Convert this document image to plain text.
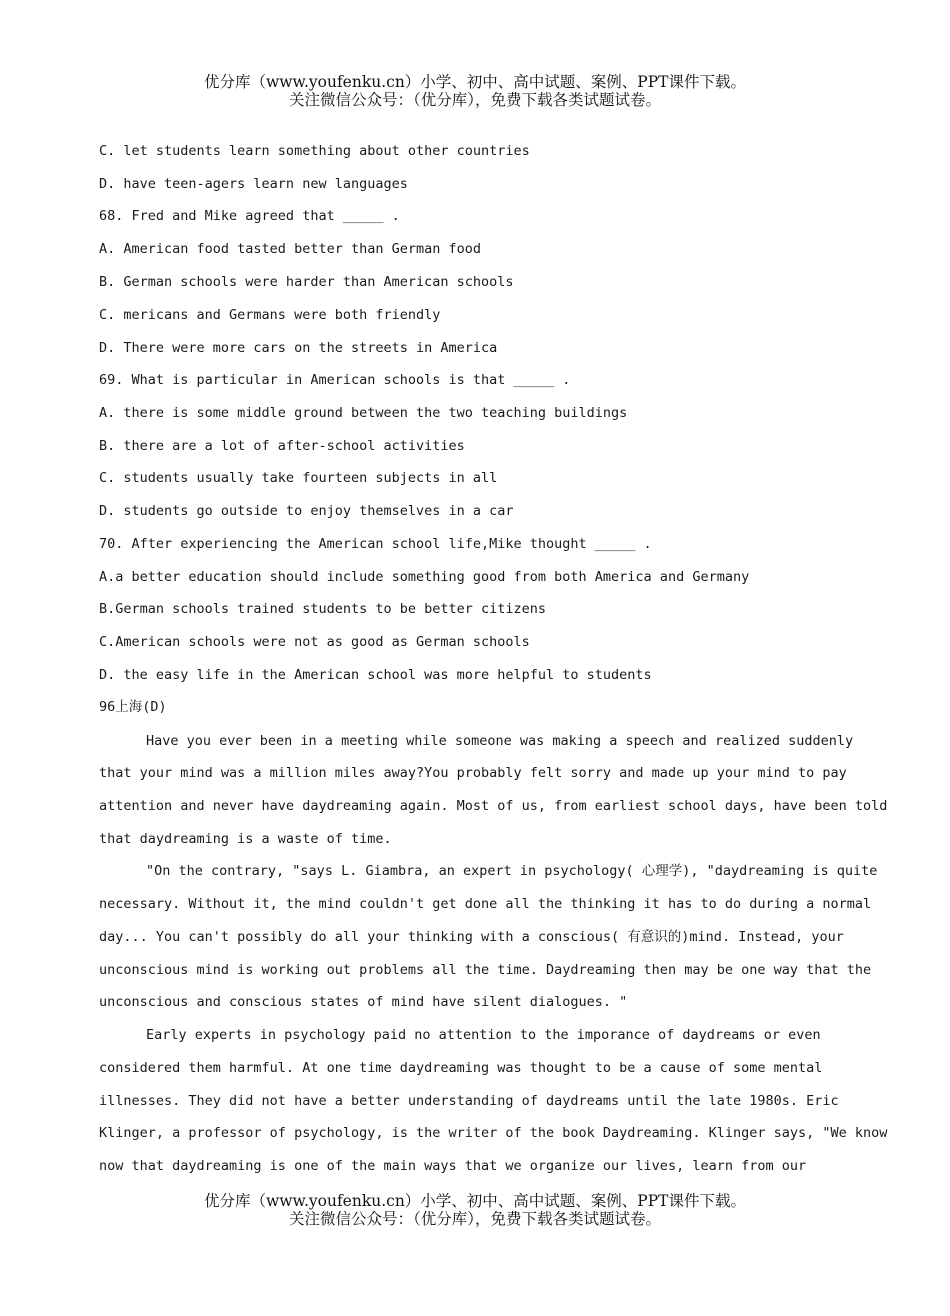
优分库（www.youfenku.cn）小学、初中、高中试题、案例、PPT课件下载。
关注微信公众号：（优分库），免费下载各类试题试卷。

C. let students learn something about other countries

D. have teen-agers learn new languages

68. Fred and Mike agreed that _____ .

A. American food tasted better than German food

B. German schools were harder than American schools

C. mericans and Germans were both friendly

D. There were more cars on the streets in America

69. What is particular in American schools is that _____ .

A. there is some middle ground between the two teaching buildings

B. there are a lot of after-school activities

C. students usually take fourteen subjects in all

D. students go outside to enjoy themselves in a car

70. After experiencing the American school life,Mike thought _____ .

A.a better education should include something good from both America and Germany

B.German schools trained students to be better citizens

C.American schools were not as good as German schools

D. the easy life in the American school was more helpful to students

96上海(D)

Have you ever been in a meeting while someone was making a speech and realized suddenly

that your mind was a million miles away?You probably felt sorry and made up your mind to pay

attention and never have daydreaming again. Most of us, from earliest school days, have been told

that daydreaming is a waste of time.

"On the contrary, "says L. Giambra, an expert in psychology( 心理学), "daydreaming is quite

necessary. Without it, the mind couldn't get done all the thinking it has to do during a normal

day... You can't possibly do all your thinking with a conscious( 有意识的)mind. Instead, your

unconscious mind is working out problems all the time. Daydreaming then may be one way that the

unconscious and conscious states of mind have silent dialogues. "

Early experts in psychology paid no attention to the imporance of daydreams or even

considered them harmful. At one time daydreaming was thought to be a cause of some mental

illnesses. They did not have a better understanding of daydreams until the late 1980s. Eric

Klinger, a professor of psychology, is the writer of the book Daydreaming. Klinger says, "We know

now that daydreaming is one of the main ways that we organize our lives, learn from our

优分库（www.youfenku.cn）小学、初中、高中试题、案例、PPT课件下载。
关注微信公众号：（优分库），免费下载各类试题试卷。
